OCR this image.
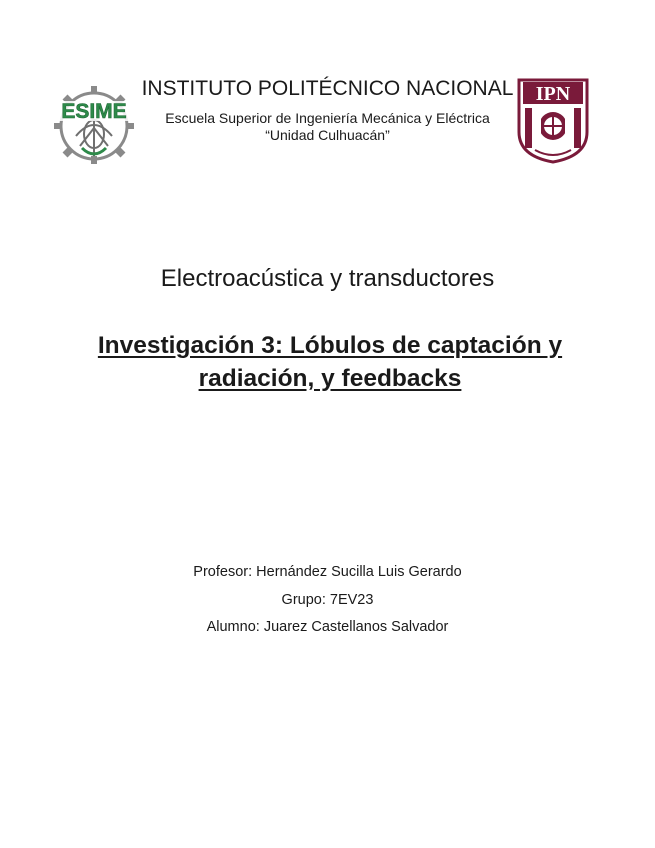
ESIME
INSTITUTO POLITÉCNICO NACIONAL

Escuela Superior de Ingeniería Mecánica y Eléctrica

“Unidad Culhuacán”

IPN
Electroacústica y transductores
Investigación 3: Lóbulos de captación y radiación, y feedbacks

Profesor: Hernández Sucilla Luis Gerardo

Grupo: 7EV23

Alumno: Juarez Castellanos Salvador
